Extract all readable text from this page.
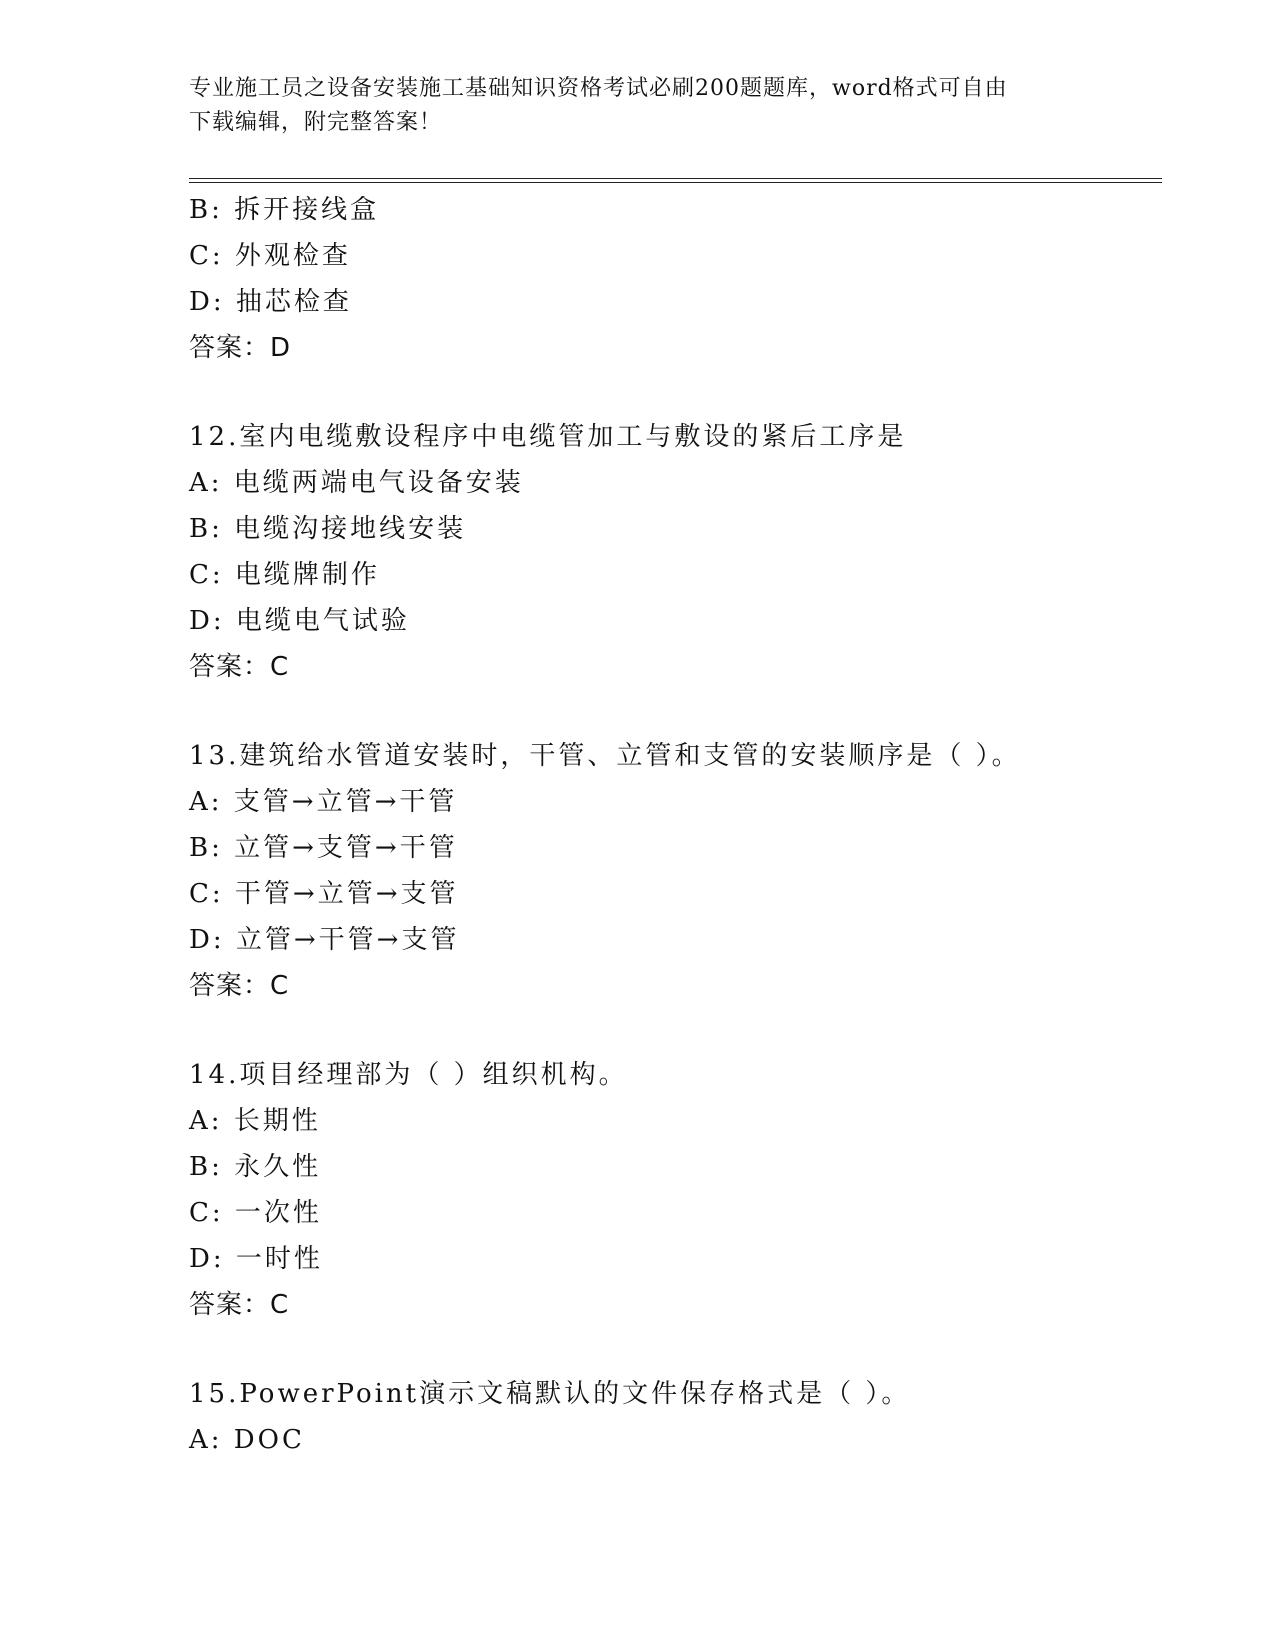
专业施工员之设备安装施工基础知识资格考试必刷200题题库，word格式可自由
下载编辑，附完整答案！
B: 拆开接线盒
C: 外观检查
D: 抽芯检查
答案：D
12.室内电缆敷设程序中电缆管加工与敷设的紧后工序是
A: 电缆两端电气设备安装
B: 电缆沟接地线安装
C: 电缆牌制作
D: 电缆电气试验
答案：C
13.建筑给水管道安装时，干管、立管和支管的安装顺序是（ ）。
A: 支管→立管→干管
B: 立管→支管→干管
C: 干管→立管→支管
D: 立管→干管→支管
答案：C
14.项目经理部为（ ）组织机构。
A: 长期性
B: 永久性
C: 一次性
D: 一时性
答案：C
15.PowerPoint演示文稿默认的文件保存格式是（ ）。
A: DOC
